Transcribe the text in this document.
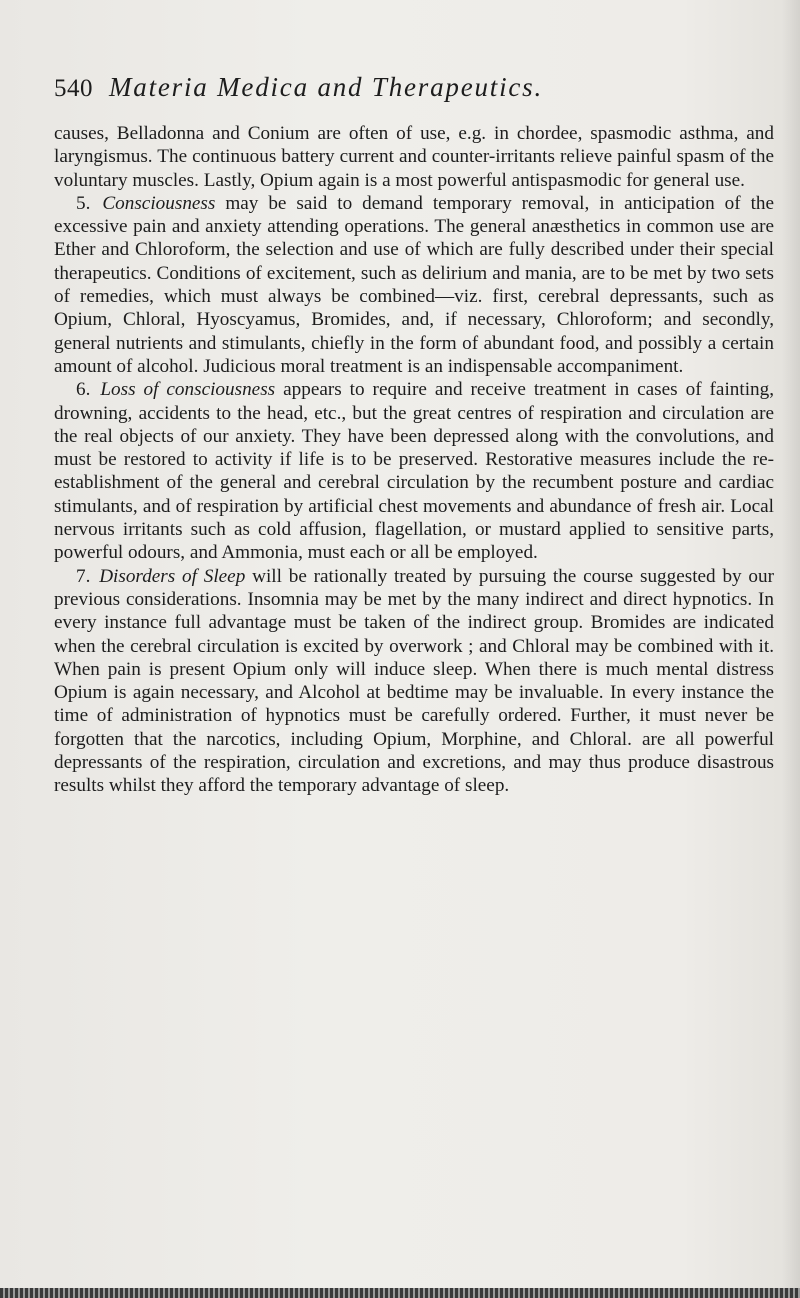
540 Materia Medica and Therapeutics.

causes, Belladonna and Conium are often of use, e.g. in chordee, spasmodic asthma, and laryngismus. The continuous battery current and counter-irritants relieve painful spasm of the voluntary muscles. Lastly, Opium again is a most powerful antispasmodic for general use.

5. Consciousness may be said to demand temporary removal, in anticipation of the excessive pain and anxiety attending operations. The general anæsthetics in common use are Ether and Chloroform, the selection and use of which are fully described under their special therapeutics. Conditions of excitement, such as delirium and mania, are to be met by two sets of remedies, which must always be combined—viz. first, cerebral depressants, such as Opium, Chloral, Hyoscyamus, Bromides, and, if necessary, Chloroform; and secondly, general nutrients and stimulants, chiefly in the form of abundant food, and possibly a certain amount of alcohol. Judicious moral treatment is an indispensable accompaniment.

6. Loss of consciousness appears to require and receive treatment in cases of fainting, drowning, accidents to the head, etc., but the great centres of respiration and circulation are the real objects of our anxiety. They have been depressed along with the convolutions, and must be restored to activity if life is to be preserved. Restorative measures include the re-establishment of the general and cerebral circulation by the recumbent posture and cardiac stimulants, and of respiration by artificial chest movements and abundance of fresh air. Local nervous irritants such as cold affusion, flagellation, or mustard applied to sensitive parts, powerful odours, and Ammonia, must each or all be employed.

7. Disorders of Sleep will be rationally treated by pursuing the course suggested by our previous considerations. Insomnia may be met by the many indirect and direct hypnotics. In every instance full advantage must be taken of the indirect group. Bromides are indicated when the cerebral circulation is excited by overwork ; and Chloral may be combined with it. When pain is present Opium only will induce sleep. When there is much mental distress Opium is again necessary, and Alcohol at bedtime may be invaluable. In every instance the time of administration of hypnotics must be carefully ordered. Further, it must never be forgotten that the narcotics, including Opium, Morphine, and Chloral. are all powerful depressants of the respiration, circulation and excretions, and may thus produce disastrous results whilst they afford the temporary advantage of sleep.
